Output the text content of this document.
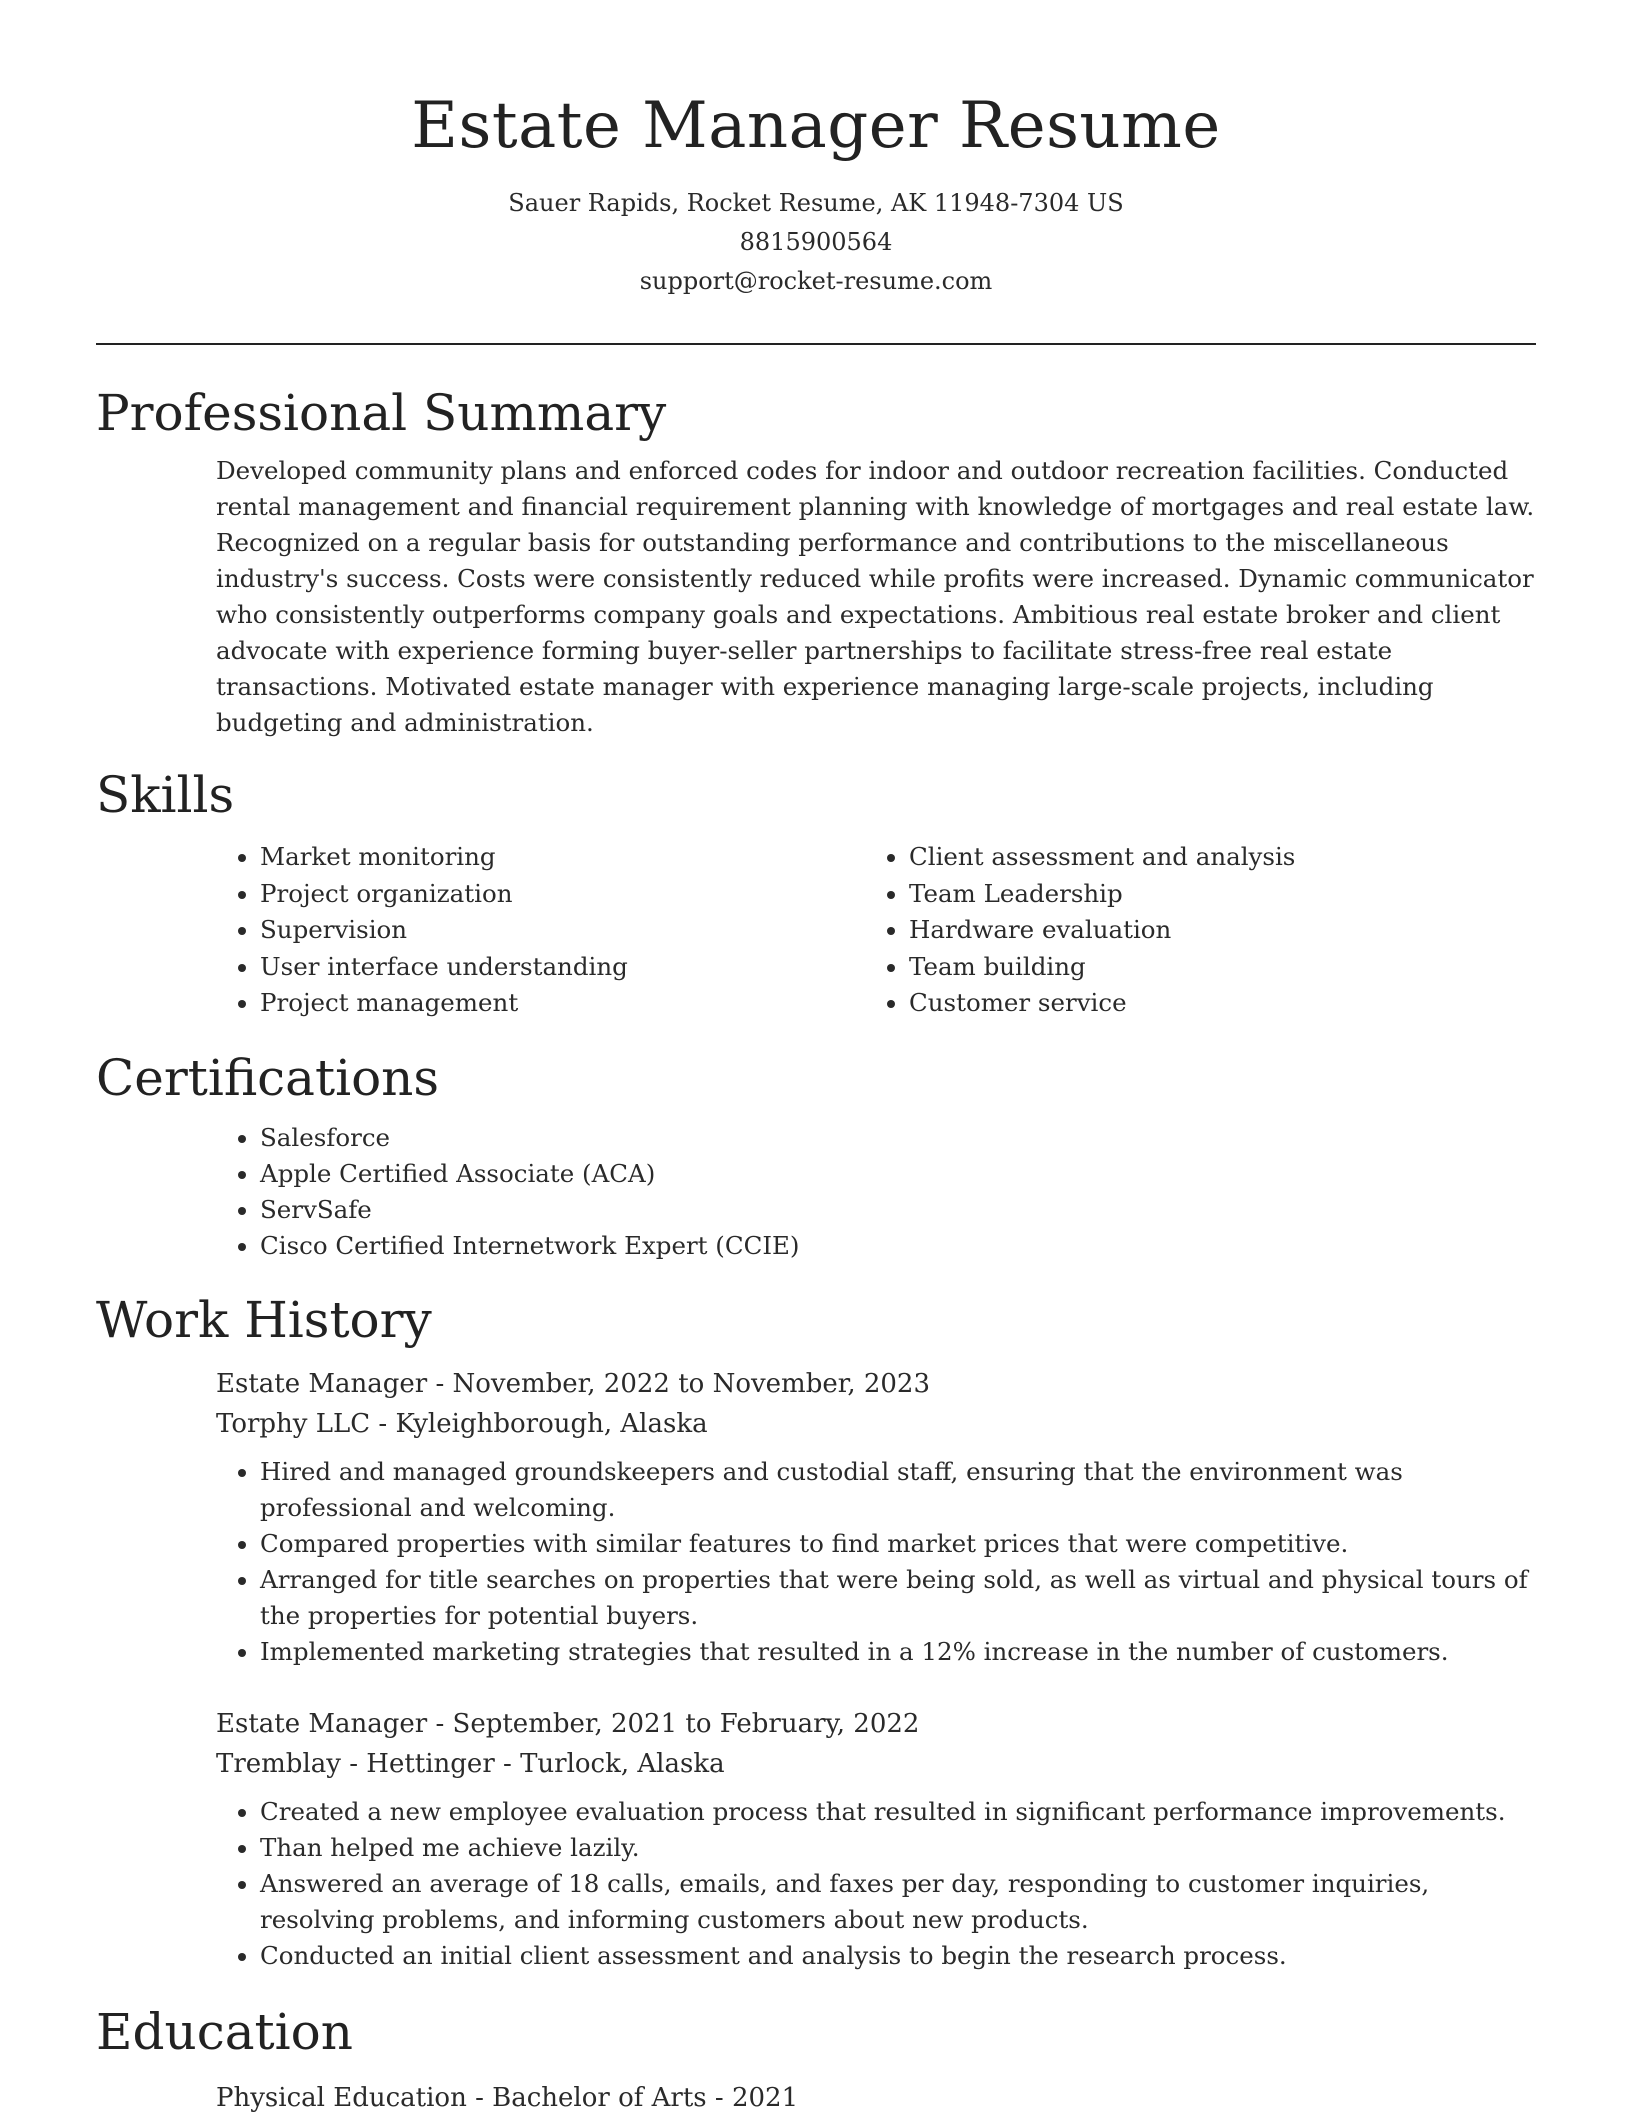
Estate Manager Resume
Sauer Rapids, Rocket Resume, AK 11948-7304 US
8815900564
support@rocket-resume.com
Professional Summary

Developed community plans and enforced codes for indoor and outdoor recreation facilities. Conducted rental management and financial requirement planning with knowledge of mortgages and real estate law. Recognized on a regular basis for outstanding performance and contributions to the miscellaneous industry's success. Costs were consistently reduced while profits were increased. Dynamic communicator who consistently outperforms company goals and expectations. Ambitious real estate broker and client advocate with experience forming buyer-seller partnerships to facilitate stress-free real estate transactions. Motivated estate manager with experience managing large-scale projects, including budgeting and administration.

Skills
• Market monitoring
• Project organization
• Supervision
• User interface understanding
• Project management
• Client assessment and analysis
• Team Leadership
• Hardware evaluation
• Team building
• Customer service
Certifications
• Salesforce
• Apple Certified Associate (ACA)
• ServSafe
• Cisco Certified Internetwork Expert (CCIE)
Work History
Estate Manager - November, 2022 to November, 2023
Torphy LLC - Kyleighborough, Alaska
• Hired and managed groundskeepers and custodial staff, ensuring that the environment was professional and welcoming.
• Compared properties with similar features to find market prices that were competitive.
• Arranged for title searches on properties that were being sold, as well as virtual and physical tours of the properties for potential buyers.
• Implemented marketing strategies that resulted in a 12% increase in the number of customers.
Estate Manager - September, 2021 to February, 2022
Tremblay - Hettinger - Turlock, Alaska
• Created a new employee evaluation process that resulted in significant performance improvements.
• Than helped me achieve lazily.
• Answered an average of 18 calls, emails, and faxes per day, responding to customer inquiries, resolving problems, and informing customers about new products.
• Conducted an initial client assessment and analysis to begin the research process.
Education
Physical Education - Bachelor of Arts - 2021
